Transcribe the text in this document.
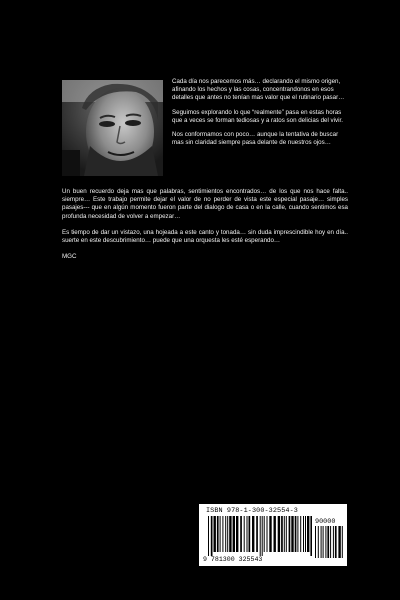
Cada día nos parecemos más… declarando el mismo origen, afinando los hechos y las cosas, concentrandonos en esos detalles que antes no tenían mas valor que el rutinario pasar…

Seguimos explorando lo que “realmente” pasa en estas horas que a veces se forman tediosas y a ratos son delicias del vivir.

Nos conformamos con poco… aunque la tentativa de buscar mas sin claridad siempre pasa delante de nuestros ojos…

Un buen recuerdo deja mas que palabras, sentimientos encontrados… de los que nos hace falta.. siempre… Este trabajo permite dejar el valor de no perder de vista este especial pasaje… simples pasajes--- que en algún momento fueron parte del dialogo de casa o en la calle, cuando sentimos esa profunda necesidad de volver a empezar…

Es tiempo de dar un vistazo, una hojeada a este canto y tonada… sin duda imprescindible hoy en día.. suerte en este descubrimiento… puede que una orquesta les esté esperando…

MGC

ISBN 978-1-300-32554-3
90000
9 781300 325543
